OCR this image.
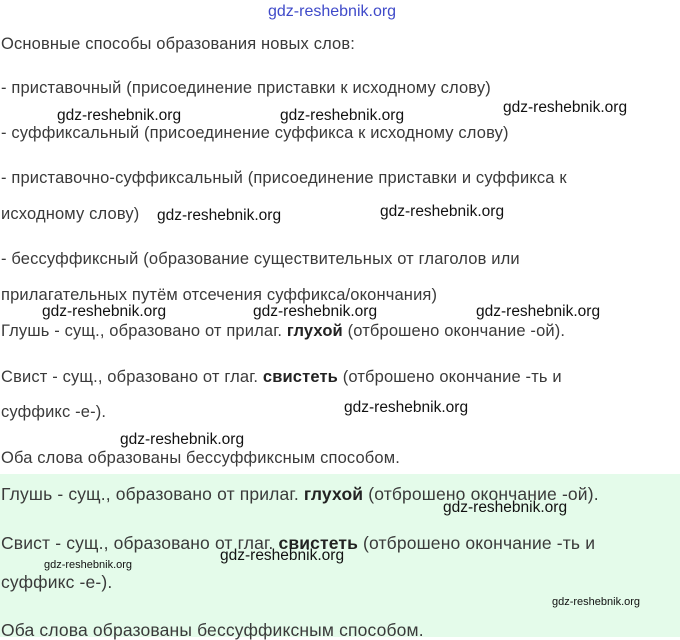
Основные способы образования новых слов:

- приставочный (присоединение приставки к исходному слову)

- суффиксальный (присоединение суффикса к исходному слову)

- приставочно-суффиксальный (присоединение приставки и суффикса к

исходному слову)

- бессуффиксный (образование существительных от глаголов или

прилагательных путём отсечения суффикса/окончания)

Глушь - сущ., образовано от прилаг. глухой (отброшено окончание -ой).

Свист - сущ., образовано от глаг. свистеть (отброшено окончание -ть и

суффикс -е-).

Оба слова образованы бессуффиксным способом.

Глушь - сущ., образовано от прилаг. глухой (отброшено окончание -ой).

Свист - сущ., образовано от глаг. свистеть (отброшено окончание -ть и

суффикс -е-).

Оба слова образованы бессуффиксным способом.

gdz-reshebnik.org
gdz-reshebnik.org	gdz-reshebnik.org	gdz-reshebnik.org
gdz-reshebnik.org	gdz-reshebnik.org
gdz-reshebnik.org	gdz-reshebnik.org	gdz-reshebnik.org
gdz-reshebnik.org
gdz-reshebnik.org
gdz-reshebnik.org
gdz-reshebnik.org
gdz-reshebnik.org
gdz-reshebnik.org
